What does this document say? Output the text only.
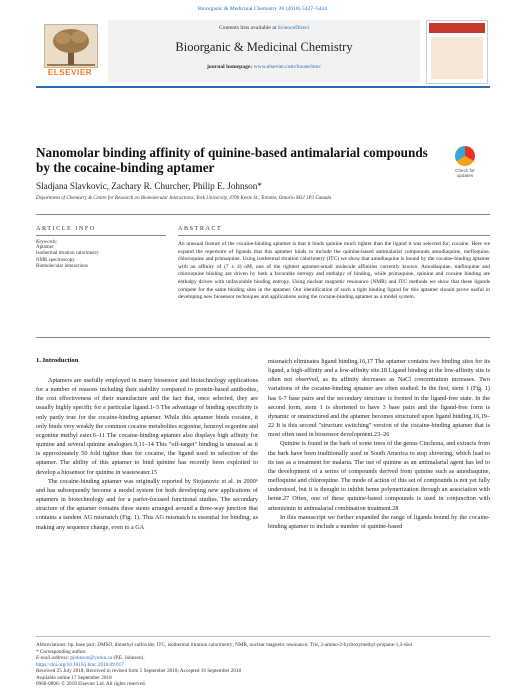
Bioorganic & Medicinal Chemistry 26 (2018) 5427–5434
ELSEVIER
Contents lists available at ScienceDirect
Bioorganic & Medicinal Chemistry
journal homepage: www.elsevier.com/locate/bmc
Nanomolar binding affinity of quinine-based antimalarial compounds by the cocaine-binding aptamer	Check for
updates
Sladjana Slavkovic, Zachary R. Churcher, Philip E. Johnson*
Department of Chemistry & Centre for Research on Biomolecular Interactions, York University, 4700 Keele St., Toronto, Ontario M3J 1P3 Canada
ARTICLE INFO	ABSTRACT
Keywords:
Aptamer
Isothermal titration calorimetry
NMR spectroscopy
Biomolecular interactions
An unusual feature of the cocaine-binding aptamer is that it binds quinine much tighter than the ligand it was selected for, cocaine. Here we expand the repertoire of ligands that this aptamer binds to include the quinine-based antimalarial compounds amodiaquine, mefloquine, chloroquine and primaquine. Using isothermal titration calorimetry (ITC) we show that amodiaquine is bound by the cocaine-binding aptamer with an affinity of (7 ± 4) nM, one of the tightest aptamer-small molecule affinities currently known. Amodiaquine, mefloquine and chloroquine binding are driven by both a favorable entropy and enthalpy of binding, while primaquine, quinine and cocaine binding are enthalpy driven with unfavorable binding entropy. Using nuclear magnetic resonance (NMR) and ITC methods we show that these ligands compete for the same binding sites in the aptamer. Our identification of such a tight binding ligand for this aptamer should prove useful in developing new biosensor techniques and applications using the cocaine-binding aptamer as a model system.
1. Introduction
Aptamers are usefully employed in many biosensor and biotechnology applications for a number of reasons including their stability compared to protein-based antibodies, the cost effectiveness of their manufacture and the fact that, once selected, they are usually highly specific for a particular ligand.1–5 The advantage of binding specificity is only partly true for the cocaine-binding aptamer. While this aptamer binds cocaine, it only binds very weakly the common cocaine metabolites ecgonine, benzoyl ecgonine and ecgonine methyl ester.6–11 The cocaine-binding aptamer also displays high affinity for quinine and several quinine analogues.9,11–14 This "off-target" binding is unusual as it is approximately 50 fold tighter than for cocaine, the ligand used in selection of the aptamer. The ability of this aptamer to bind quinine has recently been exploited to develop a biosensor for quinine in wastewater.15
The cocaine-binding aptamer was originally reported by Stojanovic et al. in 2000⁶ and has subsequently become a model system for both developing new applications of aptamers in biotechnology and for a parfer-focused functional studies. The secondary structure of the aptamer contains three stems arranged around a three-way junction that contains a tandem AG mismatch (Fig. 1). This AG mismatch is essential for binding, as making any sequence change, even to a GA
mismatch eliminates ligand binding.16,17 The aptamer contains two binding sites for its ligand, a high-affinity and a low-affinity site.18 Ligand binding at the low-affinity site is often not observed, as its affinity decreases as NaCl concentration increases. Two variations of the cocaine-binding aptamer are often studied. In the first, stem 1 (Fig. 1) has 6-7 base pairs and the secondary structure is formed in the ligand-free state. In the second form, stem 1 is shortened to have 3 base pairs and the ligand-free form is dynamic or unstructured and the aptamer becomes structured upon ligand binding.16,19–22 It is this second "structure switching" version of the cocaine-binding aptamer that is most often used in biosensor development.23–26
Quinine is found in the bark of some trees of the genus Cinchona, and extracts from the bark have been traditionally used in South America to stop shivering, which lead to its use as a treatment for malaria. The use of quinine as an antimalarial agent has led to the development of a series of compounds derived from quinine such as amodiaquine, mefloquine and chloroquine. The mode of action of this set of compounds is not yet fully understood, but it is thought to inhibit heme polymerization through an association with heme.27 Often, one of these quinine-based compounds is used in conjunction with artemisinin in antimalarial combination treatment.28
In this manuscript we further expanded the range of ligands bound by the cocaine-binding aptamer to include a number of quinine-based
Abbreviations: bp, base pair; DMSO, dimethyl sulfoxide; ITC, isothermal titration calorimetry; NMR, nuclear magnetic resonance; Tris, 2-amino-2-hydroxymethyl-propane-1,3-diol
* Corresponding author.
E-mail address: pjohnson@yorku.ca (P.E. Johnson).
https://doi.org/10.1016/j.bmc.2018.09.017
Received 25 July 2018; Received in revised form 5 September 2018; Accepted 16 September 2018
Available online 17 September 2018
0968-0896/ © 2018 Elsevier Ltd. All rights reserved.
